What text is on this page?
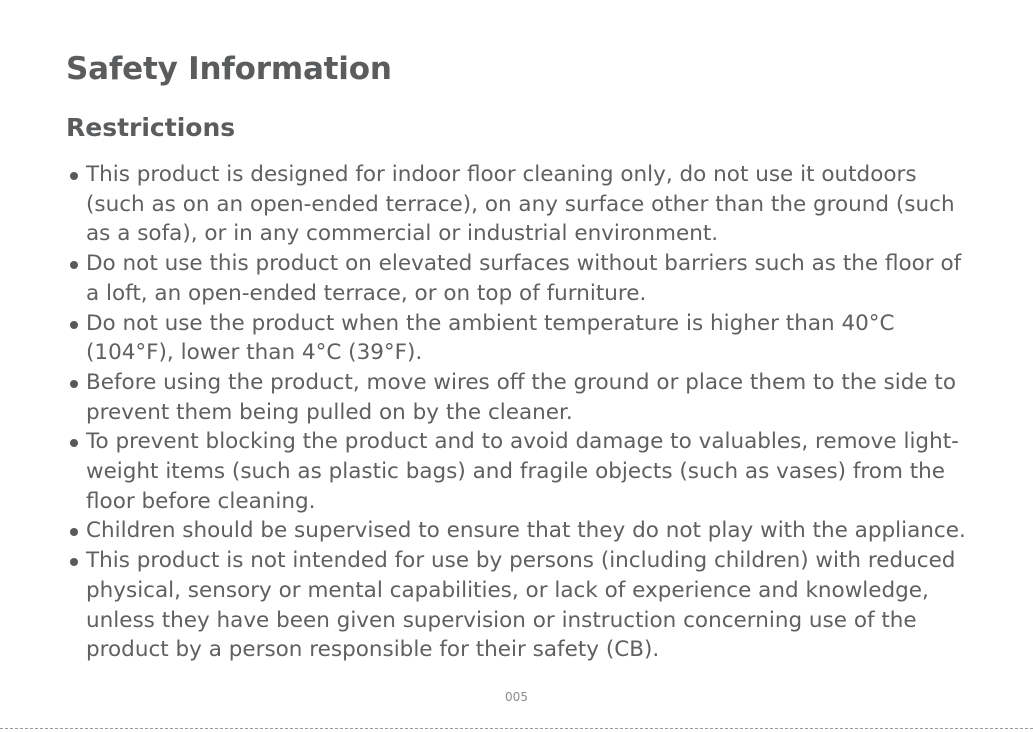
Safety Information
Restrictions
This product is designed for indoor floor cleaning only, do not use it outdoors (such as on an open-ended terrace), on any surface other than the ground (such as a sofa), or in any commercial or industrial environment.
Do not use this product on elevated surfaces without barriers such as the floor of a loft, an open-ended terrace, or on top of furniture.
Do not use the product when the ambient temperature is higher than 40°C (104°F), lower than 4°C (39°F).
Before using the product, move wires off the ground or place them to the side to prevent them being pulled on by the cleaner.
To prevent blocking the product and to avoid damage to valuables, remove light-weight items (such as plastic bags) and fragile objects (such as vases) from the floor before cleaning.
Children should be supervised to ensure that they do not play with the appliance.
This product is not intended for use by persons (including children) with reduced physical, sensory or mental capabilities, or lack of experience and knowledge, unless they have been given supervision or instruction concerning use of the product by a person responsible for their safety (CB).
005
